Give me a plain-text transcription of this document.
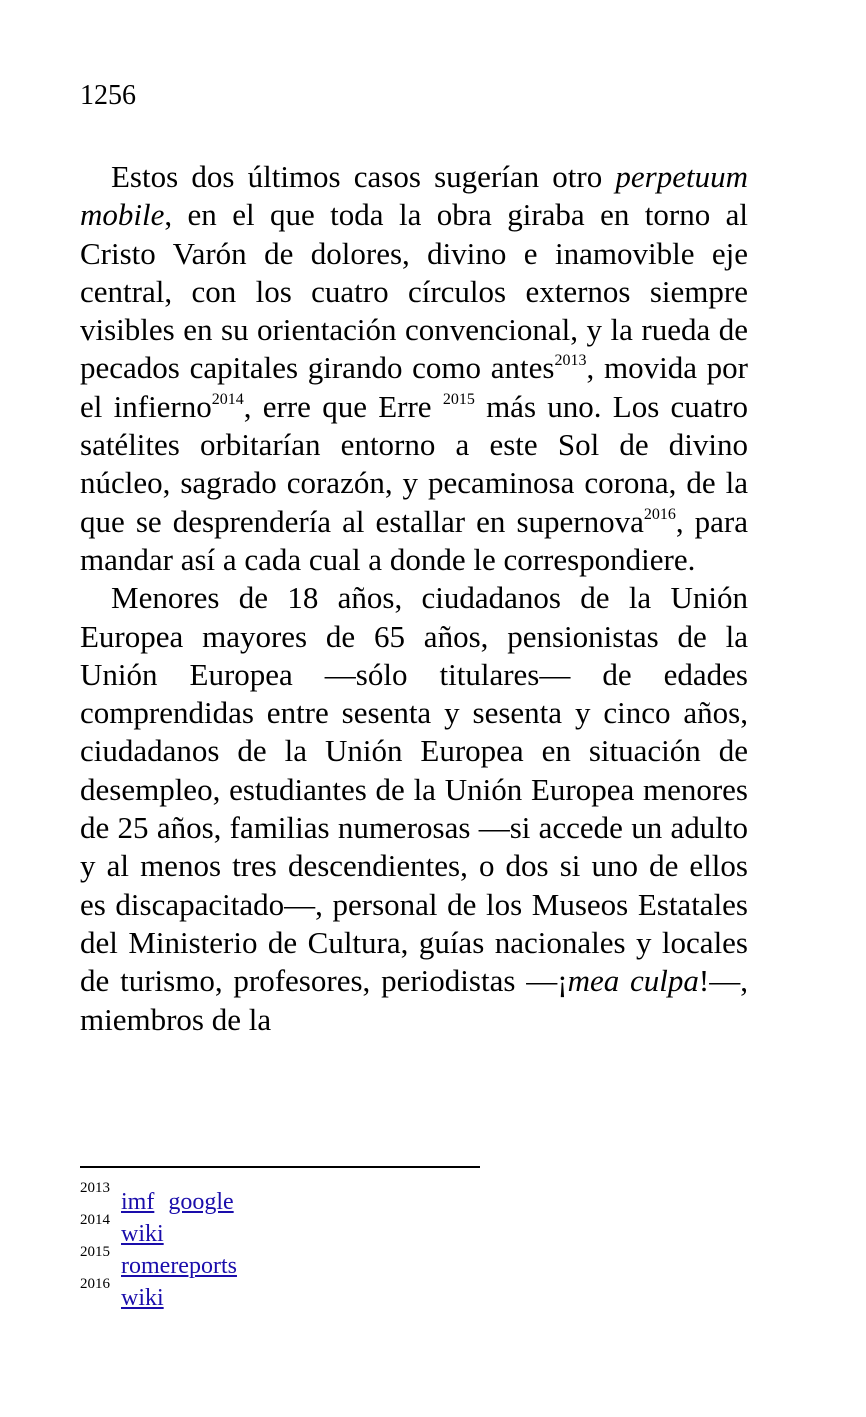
1256

Estos dos últimos casos sugerían otro perpetuum mobile, en el que toda la obra giraba en torno al Cristo Varón de dolores, divino e inamovible eje central, con los cuatro círculos externos siempre visibles en su orientación convencional, y la rueda de pecados capitales girando como antes$^{2013}$, movida por el infierno$^{2014}$, erre que Erre $^{2015}$ más uno. Los cuatro satélites orbitarían entorno a este Sol de divino núcleo, sagrado corazón, y pecaminosa corona, de la que se desprendería al estallar en supernova$^{2016}$, para mandar así a cada cual a donde le correspondiere.

Menores de 18 años, ciudadanos de la Unión Europea mayores de 65 años, pensionistas de la Unión Europea —sólo titulares— de edades comprendidas entre sesenta y sesenta y cinco años, ciudadanos de la Unión Europea en situación de desempleo, estudiantes de la Unión Europea menores de 25 años, familias numerosas —si accede un adulto y al menos tres descendientes, o dos si uno de ellos es discapacitado—, personal de los Museos Estatales del Ministerio de Cultura, guías nacionales y locales de turismo, profesores, periodistas —¡mea culpa!—, miembros de la

2013
imf google
2014
wiki
2015
romereports
2016
wiki
